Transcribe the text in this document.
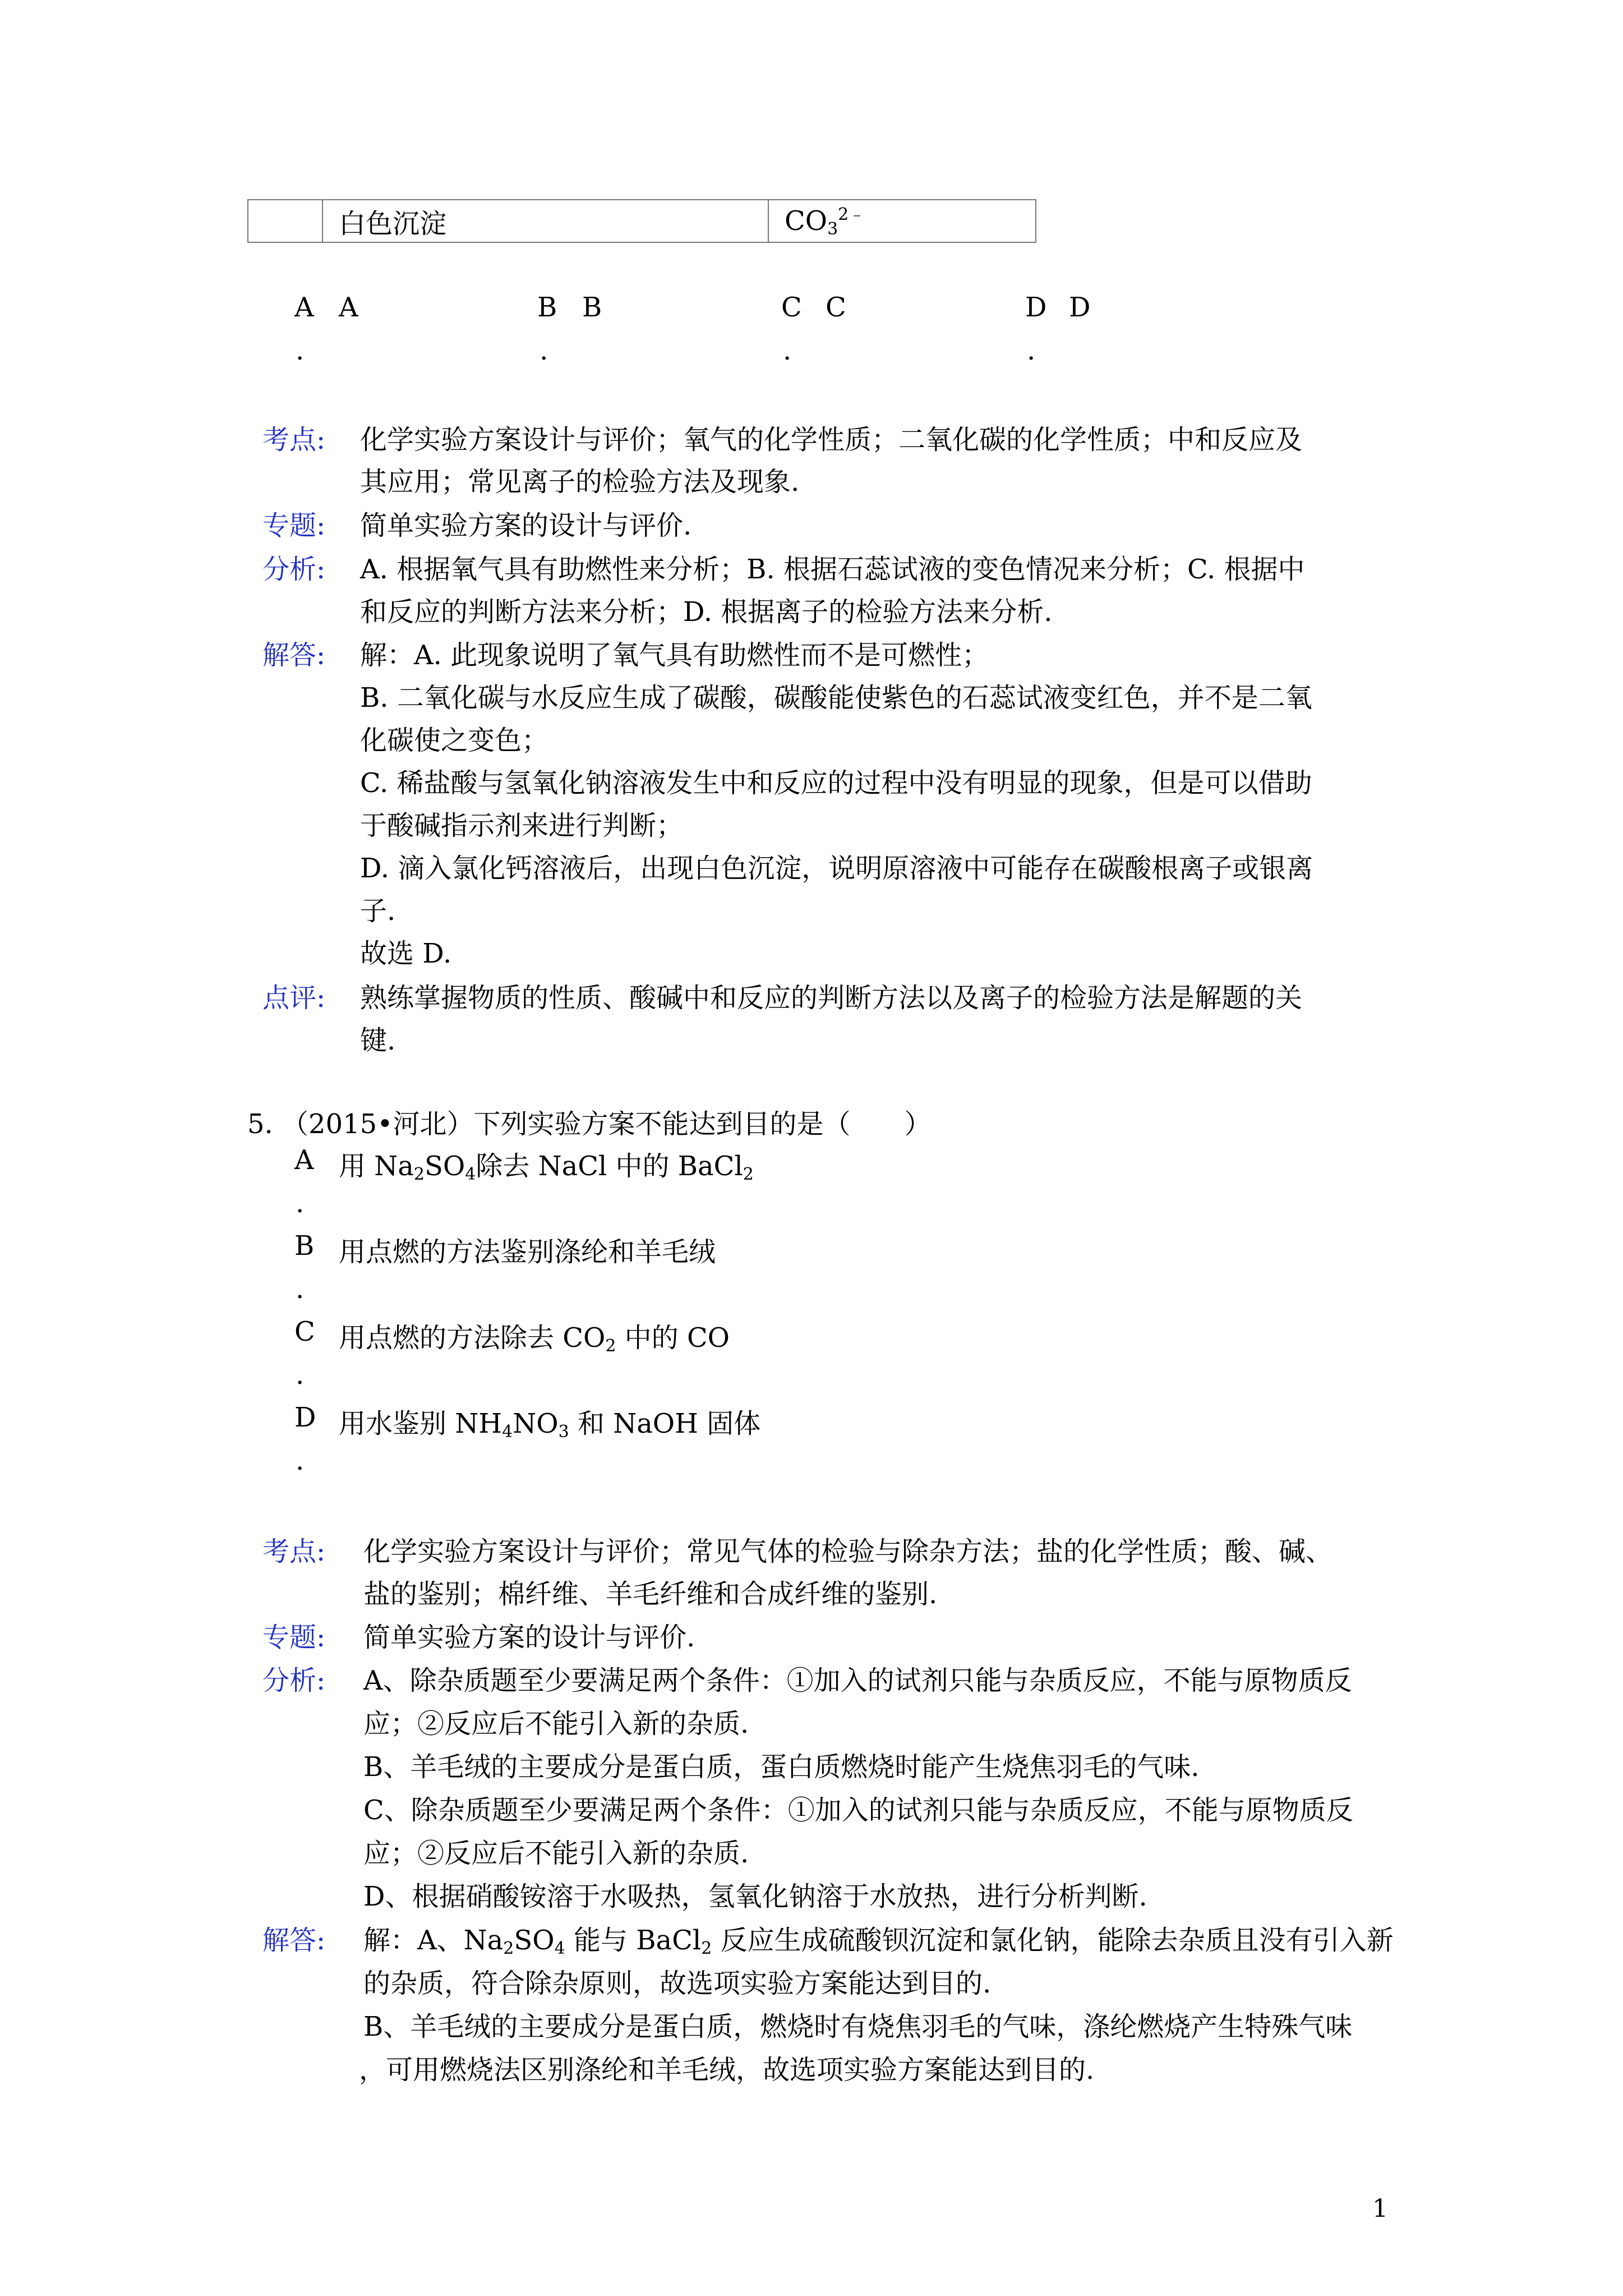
	白色沉淀	$CO_3^{2﹣}$
A A
.
B B
.
C C
.
D D
.
考点: 化学实验方案设计与评价；氧气的化学性质；二氧化碳的化学性质；中和反应及
其应用；常见离子的检验方法及现象.
专题: 简单实验方案的设计与评价.
分析: A. 根据氧气具有助燃性来分析；B. 根据石蕊试液的变色情况来分析；C. 根据中
和反应的判断方法来分析；D. 根据离子的检验方法来分析.
解答: 解：A. 此现象说明了氧气具有助燃性而不是可燃性；
B. 二氧化碳与水反应生成了碳酸，碳酸能使紫色的石蕊试液变红色，并不是二氧
化碳使之变色；
C. 稀盐酸与氢氧化钠溶液发生中和反应的过程中没有明显的现象，但是可以借助
于酸碱指示剂来进行判断；
D. 滴入氯化钙溶液后，出现白色沉淀，说明原溶液中可能存在碳酸根离子或银离
子.
故选 D.
点评: 熟练掌握物质的性质、酸碱中和反应的判断方法以及离子的检验方法是解题的关
键.
5. （2015•河北）下列实验方案不能达到目的是（　　）
A 用 $Na_2SO_4$除去 NaCl 中的 BaCl$_2$
.
B 用点燃的方法鉴别涤纶和羊毛绒
.
C 用点燃的方法除去 $CO_2$ 中的 CO
.
D 用水鉴别 $NH_4NO_3$ 和 NaOH 固体
.
考点: 化学实验方案设计与评价；常见气体的检验与除杂方法；盐的化学性质；酸、碱、
盐的鉴别；棉纤维、羊毛纤维和合成纤维的鉴别.
专题: 简单实验方案的设计与评价.
分析: A、除杂质题至少要满足两个条件：①加入的试剂只能与杂质反应，不能与原物质反
应；②反应后不能引入新的杂质.
B、羊毛绒的主要成分是蛋白质，蛋白质燃烧时能产生烧焦羽毛的气味.
C、除杂质题至少要满足两个条件：①加入的试剂只能与杂质反应，不能与原物质反
应；②反应后不能引入新的杂质.
D、根据硝酸铵溶于水吸热，氢氧化钠溶于水放热，进行分析判断.
解答: 解：A、$Na_2SO_4$ 能与 BaCl$_2$ 反应生成硫酸钡沉淀和氯化钠，能除去杂质且没有引入新
的杂质，符合除杂原则，故选项实验方案能达到目的.
B、羊毛绒的主要成分是蛋白质，燃烧时有烧焦羽毛的气味，涤纶燃烧产生特殊气味
，可用燃烧法区别涤纶和羊毛绒，故选项实验方案能达到目的.
1
